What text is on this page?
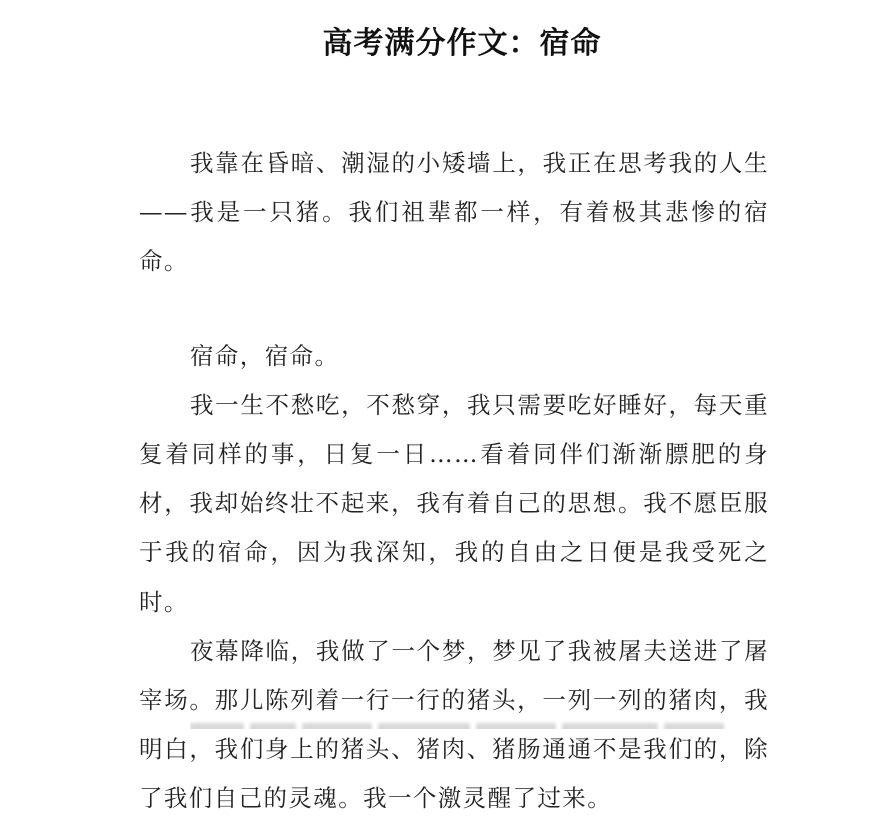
高考满分作文：宿命

我靠在昏暗、潮湿的小矮墙上，我正在思考我的人生——我是一只猪。我们祖辈都一样，有着极其悲惨的宿命。

宿命，宿命。

我一生不愁吃，不愁穿，我只需要吃好睡好，每天重复着同样的事，日复一日……看着同伴们渐渐膘肥的身材，我却始终壮不起来，我有着自己的思想。我不愿臣服于我的宿命，因为我深知，我的自由之日便是我受死之时。

夜幕降临，我做了一个梦，梦见了我被屠夫送进了屠宰场。那儿陈列着一行一行的猪头，一列一列的猪肉，我明白，我们身上的猪头、猪肉、猪肠通通不是我们的，除了我们自己的灵魂。我一个激灵醒了过来。
